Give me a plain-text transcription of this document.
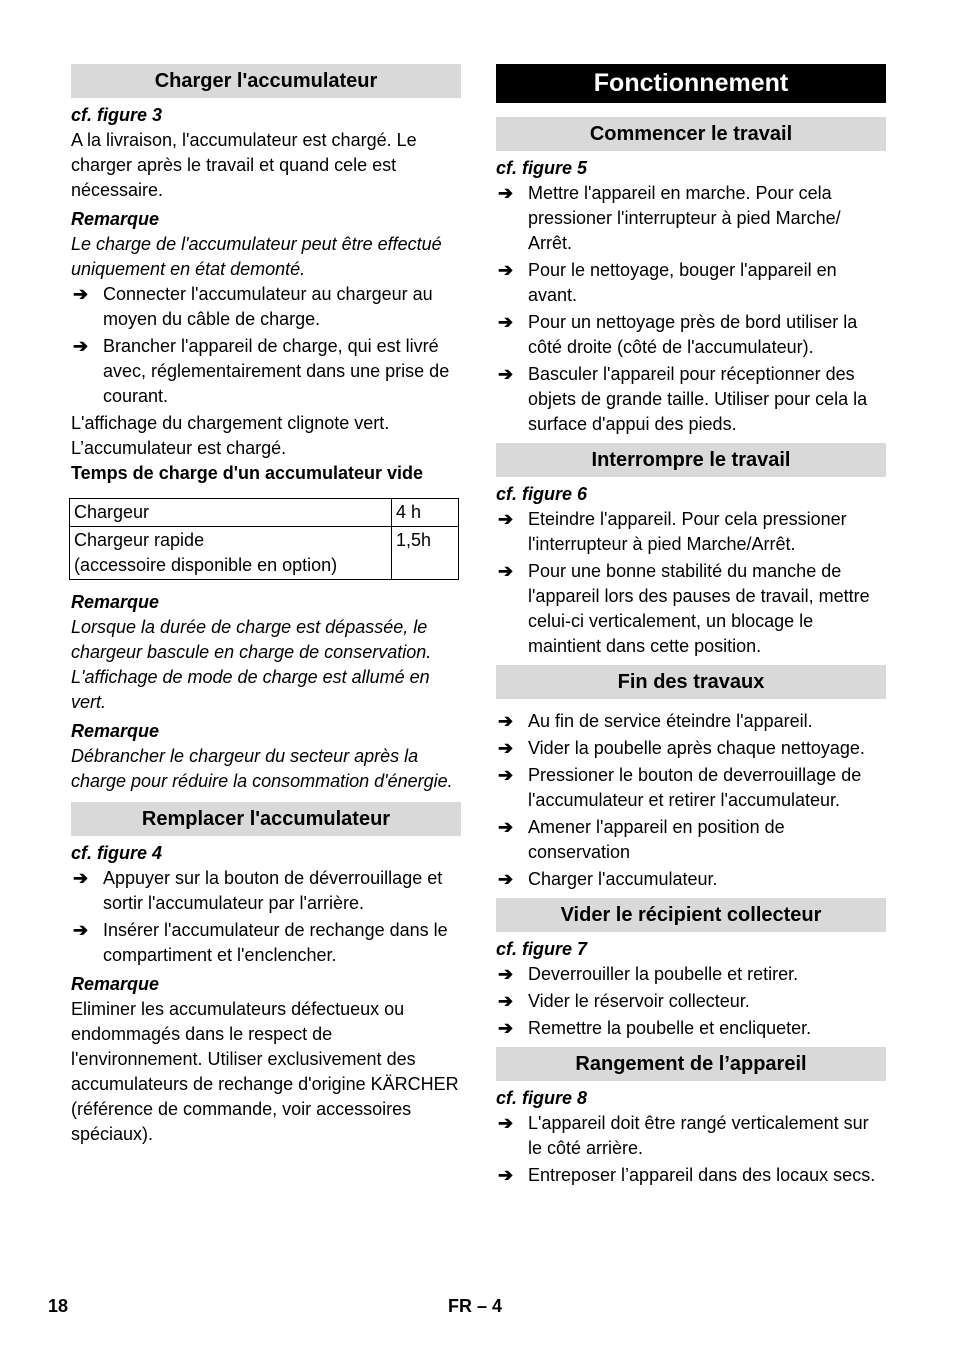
Charger l'accumulateur
cf. figure 3

A la livraison, l'accumulateur est chargé. Le charger après le travail et quand cele est nécessaire.

Remarque

Le charge de l'accumulateur peut être effectué uniquement en état demonté.

➔ Connecter l'accumulateur au chargeur au moyen du câble de charge.
➔ Brancher l'appareil de charge, qui est livré avec, réglementairement dans une prise de courant.

L'affichage du chargement clignote vert.

L’accumulateur est chargé.

Temps de charge d'un accumulateur vide

Chargeur	4 h
Chargeur rapide
(accessoire disponible en option)	1,5h
Remarque

Lorsque la durée de charge est dépassée, le chargeur bascule en charge de conservation. L'affichage de mode de charge est allumé en vert.

Remarque

Débrancher le chargeur du secteur après la charge pour réduire la consommation d'énergie.

Remplacer l'accumulateur
cf. figure 4
➔ Appuyer sur la bouton de déverrouillage et sortir l'accumulateur par l'arrière.
➔ Insérer l'accumulateur de rechange dans le compartiment et l'enclencher.
Remarque

Eliminer les accumulateurs défectueux ou endommagés dans le respect de l'environnement. Utiliser exclusivement des accumulateurs de rechange d'origine KÄRCHER (référence de commande, voir accessoires spéciaux).

Fonctionnement
Commencer le travail
cf. figure 5
➔ Mettre l'appareil en marche. Pour cela pressioner l'interrupteur à pied Marche/ Arrêt.
➔ Pour le nettoyage, bouger l'appareil en avant.
➔ Pour un nettoyage près de bord utiliser la côté droite (côté de l'accumulateur).
➔ Basculer l'appareil pour réceptionner des objets de grande taille. Utiliser pour cela la surface d'appui des pieds.
Interrompre le travail
cf. figure 6
➔ Eteindre l'appareil. Pour cela pressioner l'interrupteur à pied Marche/Arrêt.
➔ Pour une bonne stabilité du manche de l'appareil lors des pauses de travail, mettre celui-ci verticalement, un blocage le maintient dans cette position.
Fin des travaux
➔ Au fin de service éteindre l'appareil.
➔ Vider la poubelle après chaque nettoyage.
➔ Pressioner le bouton de deverrouillage de l'accumulateur et retirer l'accumulateur.
➔ Amener l'appareil en position de conservation
➔ Charger l'accumulateur.
Vider le récipient collecteur
cf. figure 7
➔ Deverrouiller la poubelle et retirer.
➔ Vider le réservoir collecteur.
➔ Remettre la poubelle et encliqueter.
Rangement de l’appareil
cf. figure 8
➔ L'appareil doit être rangé verticalement sur le côté arrière.
➔ Entreposer l’appareil dans des locaux secs.
18	FR – 4
